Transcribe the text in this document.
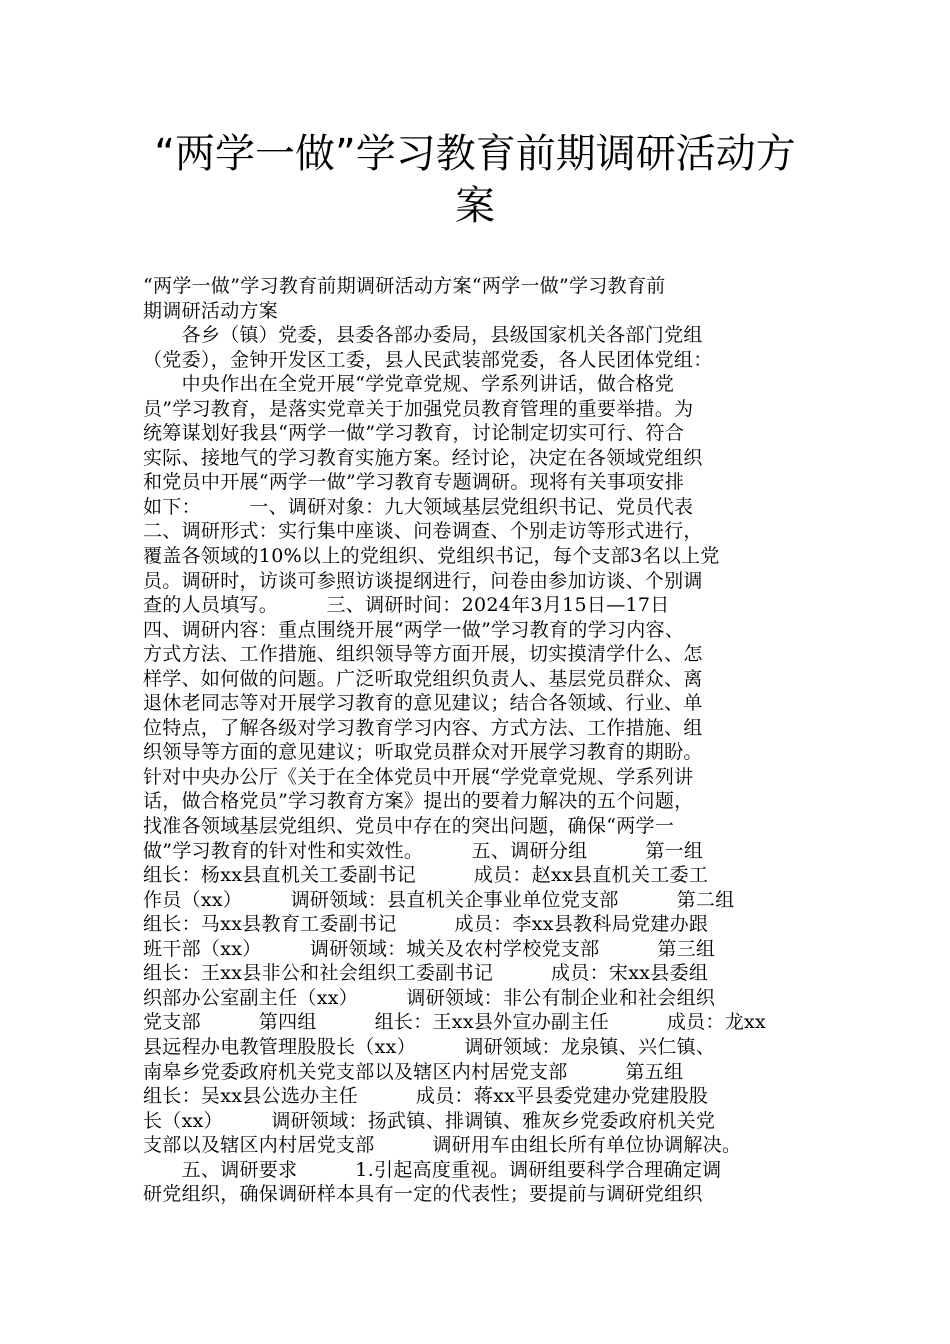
“两学一做”学习教育前期调研活动方案
“两学一做”学习教育前期调研活动方案“两学一做”学习教育前
期调研活动方案
　　各乡（镇）党委，县委各部办委局，县级国家机关各部门党组
（党委），金钟开发区工委，县人民武装部党委，各人民团体党组：
　　中央作出在全党开展“学党章党规、学系列讲话，做合格党
员”学习教育，是落实党章关于加强党员教育管理的重要举措。为
统筹谋划好我县“两学一做”学习教育，讨论制定切实可行、符合
实际、接地气的学习教育实施方案。经讨论，决定在各领域党组织
和党员中开展“两学一做”学习教育专题调研。现将有关事项安排
如下：　　　一、调研对象：九大领域基层党组织书记、党员代表
二、调研形式：实行集中座谈、问卷调查、个别走访等形式进行，
覆盖各领域的10%以上的党组织、党组织书记，每个支部3名以上党
员。调研时，访谈可参照访谈提纲进行，问卷由参加访谈、个别调
查的人员填写。　　　三、调研时间：2024年3月15日—17日
四、调研内容：重点围绕开展“两学一做”学习教育的学习内容、
方式方法、工作措施、组织领导等方面开展，切实摸清学什么、怎
样学、如何做的问题。广泛听取党组织负责人、基层党员群众、离
退休老同志等对开展学习教育的意见建议；结合各领域、行业、单
位特点，了解各级对学习教育学习内容、方式方法、工作措施、组
织领导等方面的意见建议；听取党员群众对开展学习教育的期盼。
针对中央办公厅《关于在全体党员中开展“学党章党规、学系列讲
话，做合格党员”学习教育方案》提出的要着力解决的五个问题，
找准各领域基层党组织、党员中存在的突出问题，确保“两学一
做”学习教育的针对性和实效性。　　　五、调研分组　　　第一组
组长：杨xx县直机关工委副书记　　　成员：赵xx县直机关工委工
作员（xx）　　　调研领域：县直机关企事业单位党支部　　　第二组
组长：马xx县教育工委副书记　　　成员：李xx县教科局党建办跟
班干部（xx）　　　调研领域：城关及农村学校党支部　　　第三组
组长：王xx县非公和社会组织工委副书记　　　成员：宋xx县委组
织部办公室副主任（xx）　　　调研领域：非公有制企业和社会组织
党支部　　　第四组　　　组长：王xx县外宣办副主任　　　成员：龙xx
县远程办电教管理股股长（xx）　　　调研领域：龙泉镇、兴仁镇、
南皋乡党委政府机关党支部以及辖区内村居党支部　　　第五组
组长：吴xx县公选办主任　　　成员：蒋xx平县委党建办党建股股
长（xx）　　　调研领域：扬武镇、排调镇、雅灰乡党委政府机关党
支部以及辖区内村居党支部　　　调研用车由组长所有单位协调解决。
　　五、调研要求　　　1.引起高度重视。调研组要科学合理确定调
研党组织，确保调研样本具有一定的代表性；要提前与调研党组织
